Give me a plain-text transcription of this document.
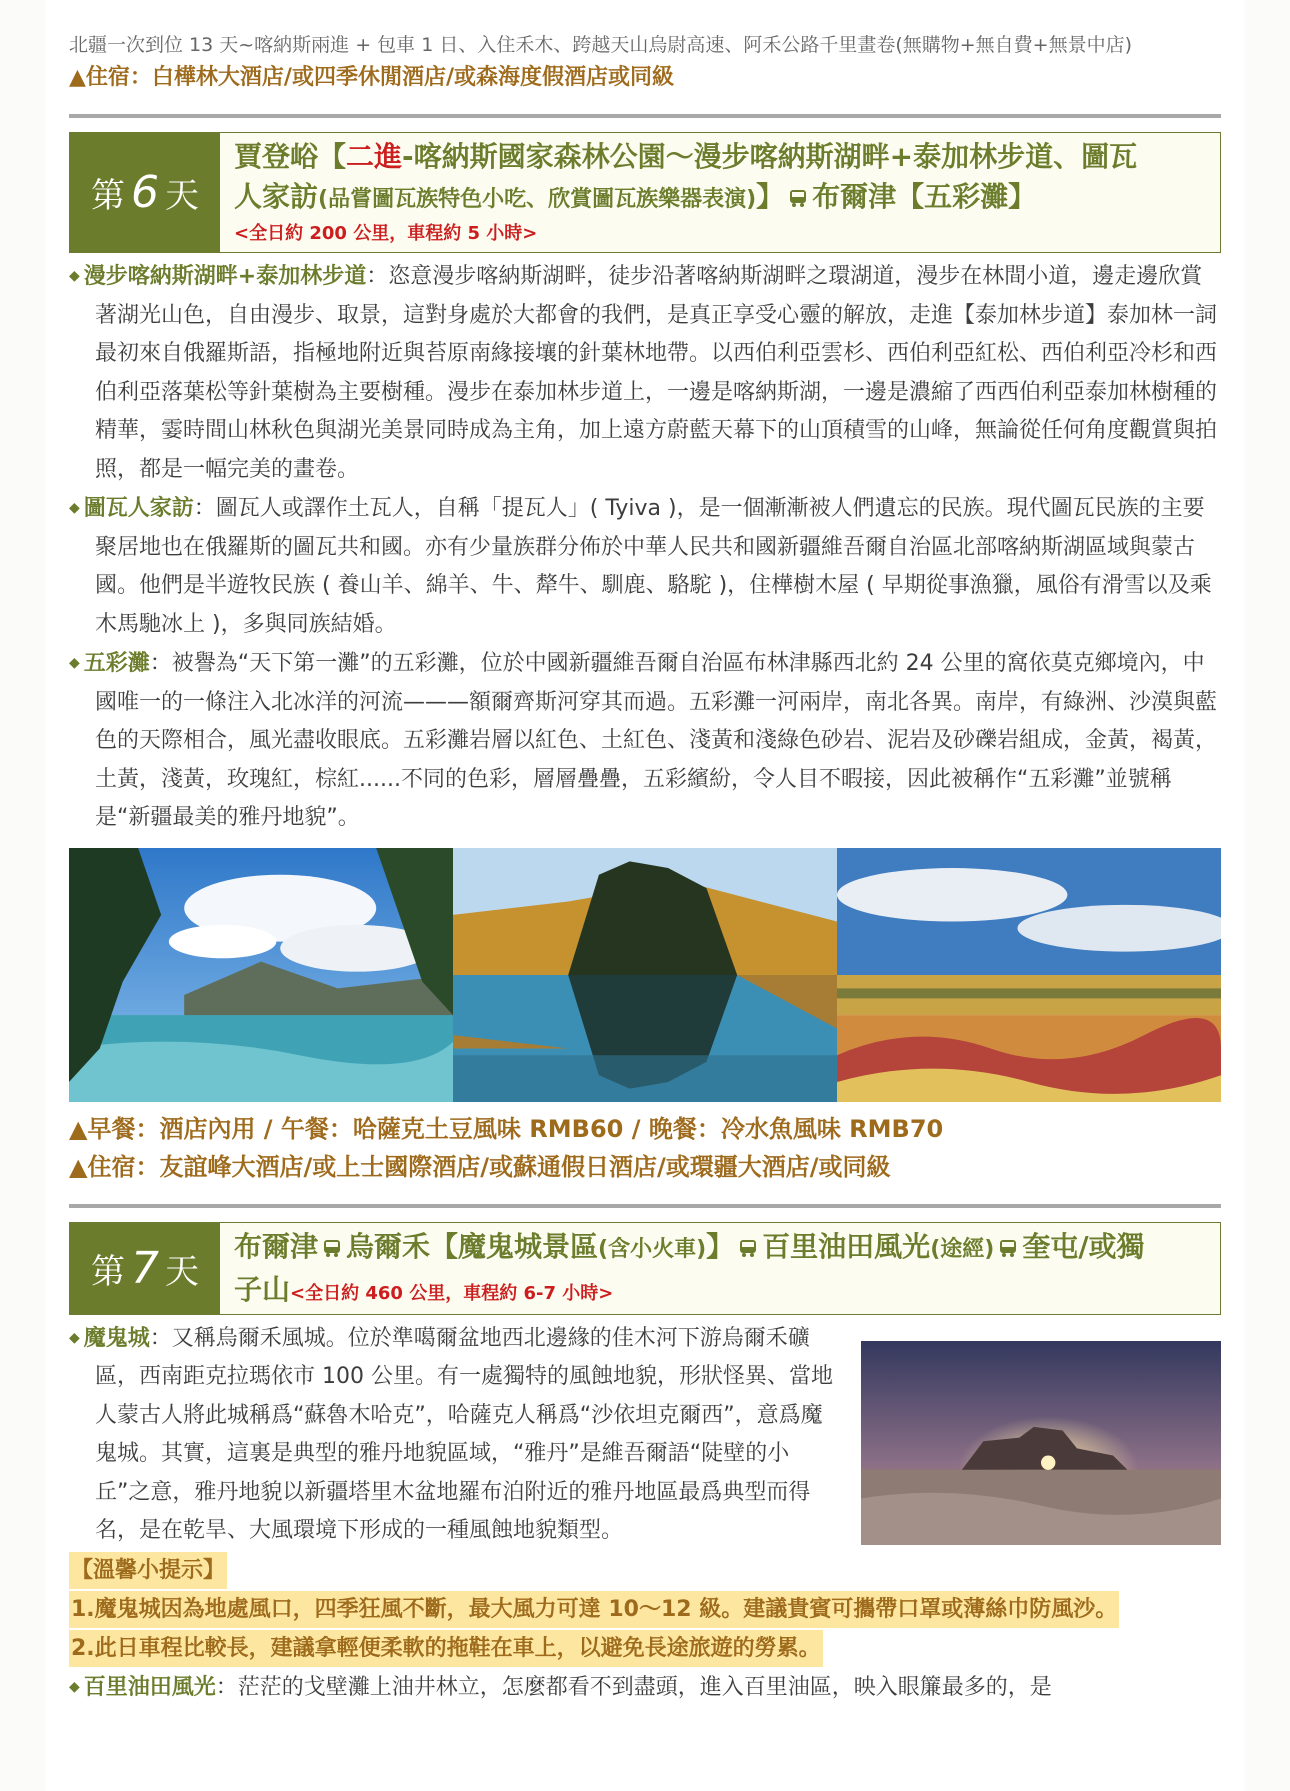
北疆一次到位 13 天~喀納斯兩進 + 包車 1 日、入住禾木、跨越天山烏尉高速、阿禾公路千里畫卷(無購物+無自費+無景中店)
▲住宿：白樺林大酒店/或四季休閒酒店/或森海度假酒店或同級
第 6 天
賈登峪【二進-喀納斯國家森林公園～漫步喀納斯湖畔+泰加林步道、圖瓦
人家訪(品嘗圖瓦族特色小吃、欣賞圖瓦族樂器表演)】 布爾津【五彩灘】
<全日約 200 公里，車程約 5 小時>

◆ 漫步喀納斯湖畔+泰加林步道：恣意漫步喀納斯湖畔，徒步沿著喀納斯湖畔之環湖道，漫步在林間小道，邊走邊欣賞著湖光山色，自由漫步、取景，這對身處於大都會的我們，是真正享受心靈的解放，走進【泰加林步道】泰加林一詞最初來自俄羅斯語，指極地附近與苔原南緣接壤的針葉林地帶。以西伯利亞雲杉、西伯利亞紅松、西伯利亞冷杉和西伯利亞落葉松等針葉樹為主要樹種。漫步在泰加林步道上，一邊是喀納斯湖，一邊是濃縮了西西伯利亞泰加林樹種的精華，霎時間山林秋色與湖光美景同時成為主角，加上遠方蔚藍天幕下的山頂積雪的山峰，無論從任何角度觀賞與拍照，都是一幅完美的畫卷。

◆ 圖瓦人家訪：圖瓦人或譯作土瓦人，自稱「提瓦人」( Tyiva )，是一個漸漸被人們遺忘的民族。現代圖瓦民族的主要聚居地也在俄羅斯的圖瓦共和國。亦有少量族群分佈於中華人民共和國新疆維吾爾自治區北部喀納斯湖區域與蒙古國。他們是半遊牧民族 ( 養山羊、綿羊、牛、犛牛、馴鹿、駱駝 )，住樺樹木屋 ( 早期從事漁獵，風俗有滑雪以及乘木馬馳冰上 )，多與同族結婚。

◆ 五彩灘：被譽為“天下第一灘”的五彩灘，位於中國新疆維吾爾自治區布林津縣西北約 24 公里的窩依莫克鄉境內，中國唯一的一條注入北冰洋的河流———額爾齊斯河穿其而過。五彩灘一河兩岸，南北各異。南岸，有綠洲、沙漠與藍色的天際相合，風光盡收眼底。五彩灘岩層以紅色、土紅色、淺黃和淺綠色砂岩、泥岩及砂礫岩組成，金黃，褐黃，土黃，淺黃，玫瑰紅，棕紅......不同的色彩，層層疊疊，五彩繽紛，令人目不暇接，因此被稱作“五彩灘”並號稱是“新疆最美的雅丹地貌”。

▲早餐：酒店內用 / 午餐：哈薩克土豆風味 RMB60 / 晚餐：冷水魚風味 RMB70
▲住宿：友誼峰大酒店/或上士國際酒店/或蘇通假日酒店/或環疆大酒店/或同級
第 7 天
布爾津 烏爾禾【魔鬼城景區(含小火車)】 百里油田風光(途經) 奎屯/或獨
子山<全日約 460 公里，車程約 6-7 小時>

◆ 魔鬼城：又稱烏爾禾風城。位於準噶爾盆地西北邊緣的佳木河下游烏爾禾礦區，西南距克拉瑪依市 100 公里。有一處獨特的風蝕地貌，形狀怪異、當地人蒙古人將此城稱爲“蘇魯木哈克”，哈薩克人稱爲“沙依坦克爾西”，意爲魔鬼城。其實，這裏是典型的雅丹地貌區域，“雅丹”是維吾爾語“陡壁的小丘”之意，雅丹地貌以新疆塔里木盆地羅布泊附近的雅丹地區最爲典型而得名，是在乾旱、大風環境下形成的一種風蝕地貌類型。

【溫馨小提示】
1.魔鬼城因為地處風口，四季狂風不斷，最大風力可達 10～12 級。建議貴賓可攜帶口罩或薄絲巾防風沙。
2.此日車程比較長，建議拿輕便柔軟的拖鞋在車上，以避免長途旅遊的勞累。

◆ 百里油田風光：茫茫的戈壁灘上油井林立，怎麼都看不到盡頭，進入百里油區，映入眼簾最多的，是
